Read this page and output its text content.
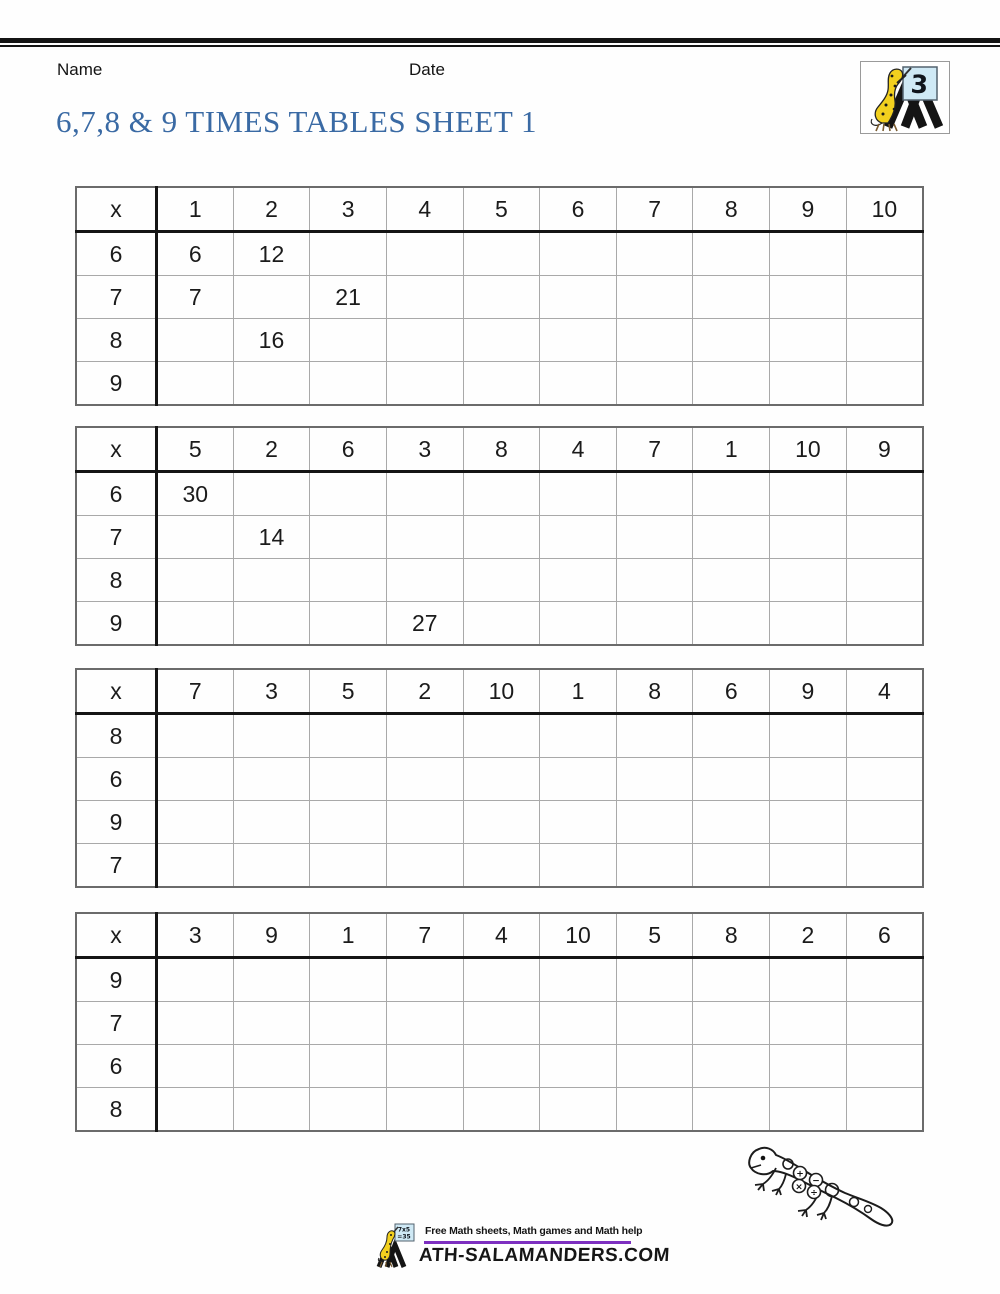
Name	Date
6,7,8 & 9 TIMES TABLES SHEET 1
3
x	1	2	3	4	5	6	7	8	9	10
6	6	12								
7	7		21							
8		16								
9										
x	5	2	6	3	8	4	7	1	10	9
6	30									
7		14								
8										
9				27						
x	7	3	5	2	10	1	8	6	9	4
8										
6										
9										
7										
x	3	9	1	7	4	10	5	8	2	6
9										
7										
6										
8										
+
−
×
÷
7x5
=35 Free Math sheets, Math games and Math help
ATH-SALAMANDERS.COM
